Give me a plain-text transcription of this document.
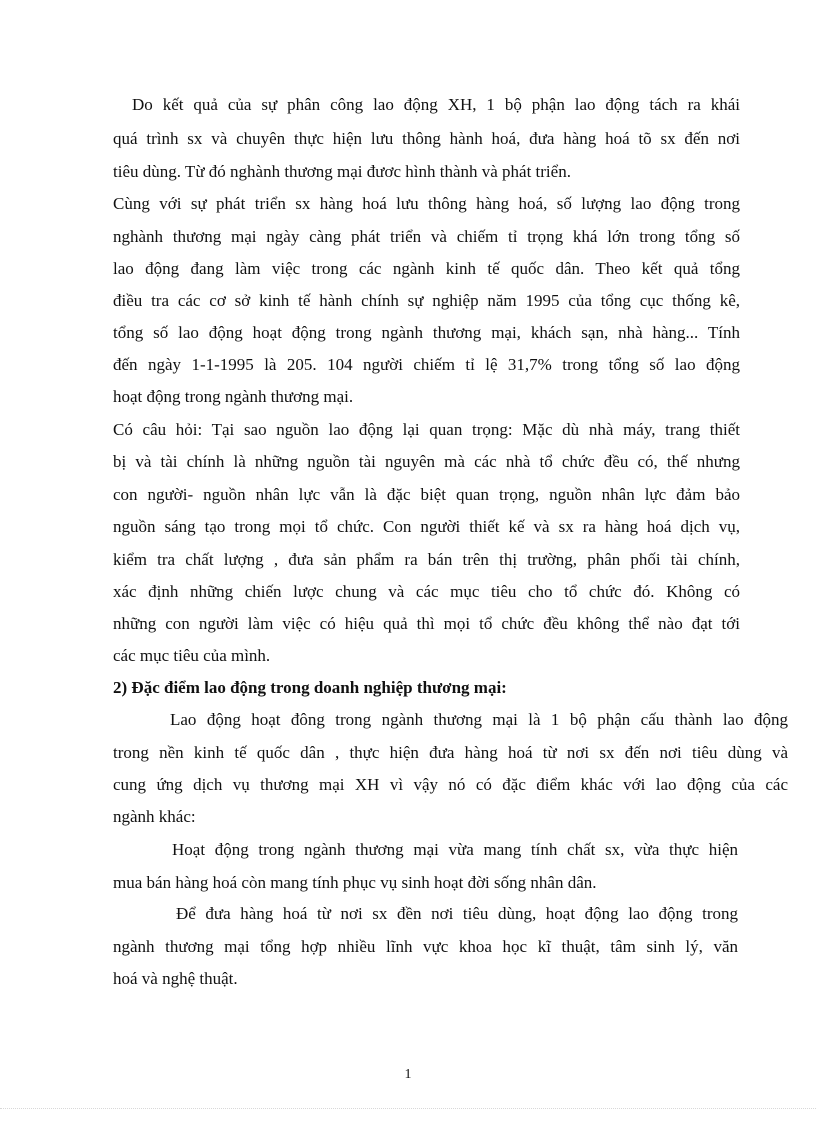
Do kết quả của sự phân công lao động XH, 1 bộ phận lao động tách ra khái
quá trình sx và chuyên thực hiện lưu thông hành hoá, đưa hàng hoá tõ sx đến nơi
tiêu dùng. Từ đó nghành thương mại đươc hình thành và phát triển.
Cùng với sự phát triển sx hàng hoá lưu thông hàng hoá, số lượng lao động trong
nghành thương mại ngày càng phát triển và chiếm tỉ trọng khá lớn trong tổng số
lao động đang làm việc trong các ngành kinh tế quốc dân. Theo kết quả tổng
điều tra các cơ sở kinh tế hành chính sự nghiệp năm 1995 của tổng cục thống kê,
tổng số lao động hoạt động trong ngành thương mại, khách sạn, nhà hàng... Tính
đến ngày 1-1-1995 là 205. 104 người chiếm tỉ lệ 31,7% trong tổng số lao động
hoạt động trong ngành thương mại.
Có câu hỏi: Tại sao nguồn lao động lại quan trọng: Mặc dù nhà máy, trang thiết
bị và tài chính là những nguồn tài nguyên mà các nhà tổ chức đều có, thế nhưng
con người- nguồn nhân lực vẫn là đặc biệt quan trọng, nguồn nhân lực đảm bảo
nguồn sáng tạo trong mọi tổ chức. Con người thiết kế và sx ra hàng hoá dịch vụ,
kiểm tra chất lượng , đưa sản phẩm ra bán trên thị trường, phân phối tài chính,
xác định những chiến lược chung và các mục tiêu cho tổ chức đó. Không có
những con người làm việc có hiệu quả thì mọi tổ chức đều không thể nào đạt tới
các mục tiêu của mình.
2) Đặc điểm lao động trong doanh nghiệp thương mại:
Lao động hoạt đông trong ngành thương mại là 1 bộ phận cấu thành lao động
trong nền kinh tế quốc dân , thực hiện đưa hàng hoá từ nơi sx đến nơi tiêu dùng và
cung ứng dịch vụ thương mại XH vì vậy nó có đặc điểm khác với lao động của các
ngành khác:
Hoạt động trong ngành thương mại vừa mang tính chất sx, vừa thực hiện
mua bán hàng hoá còn mang tính phục vụ sinh hoạt đời sống nhân dân.
Để đưa hàng hoá từ nơi sx đền nơi tiêu dùng, hoạt động lao động trong
ngành thương mại tổng hợp nhiều lĩnh vực khoa học kĩ thuật, tâm sinh lý, văn
hoá và nghệ thuật.
1
